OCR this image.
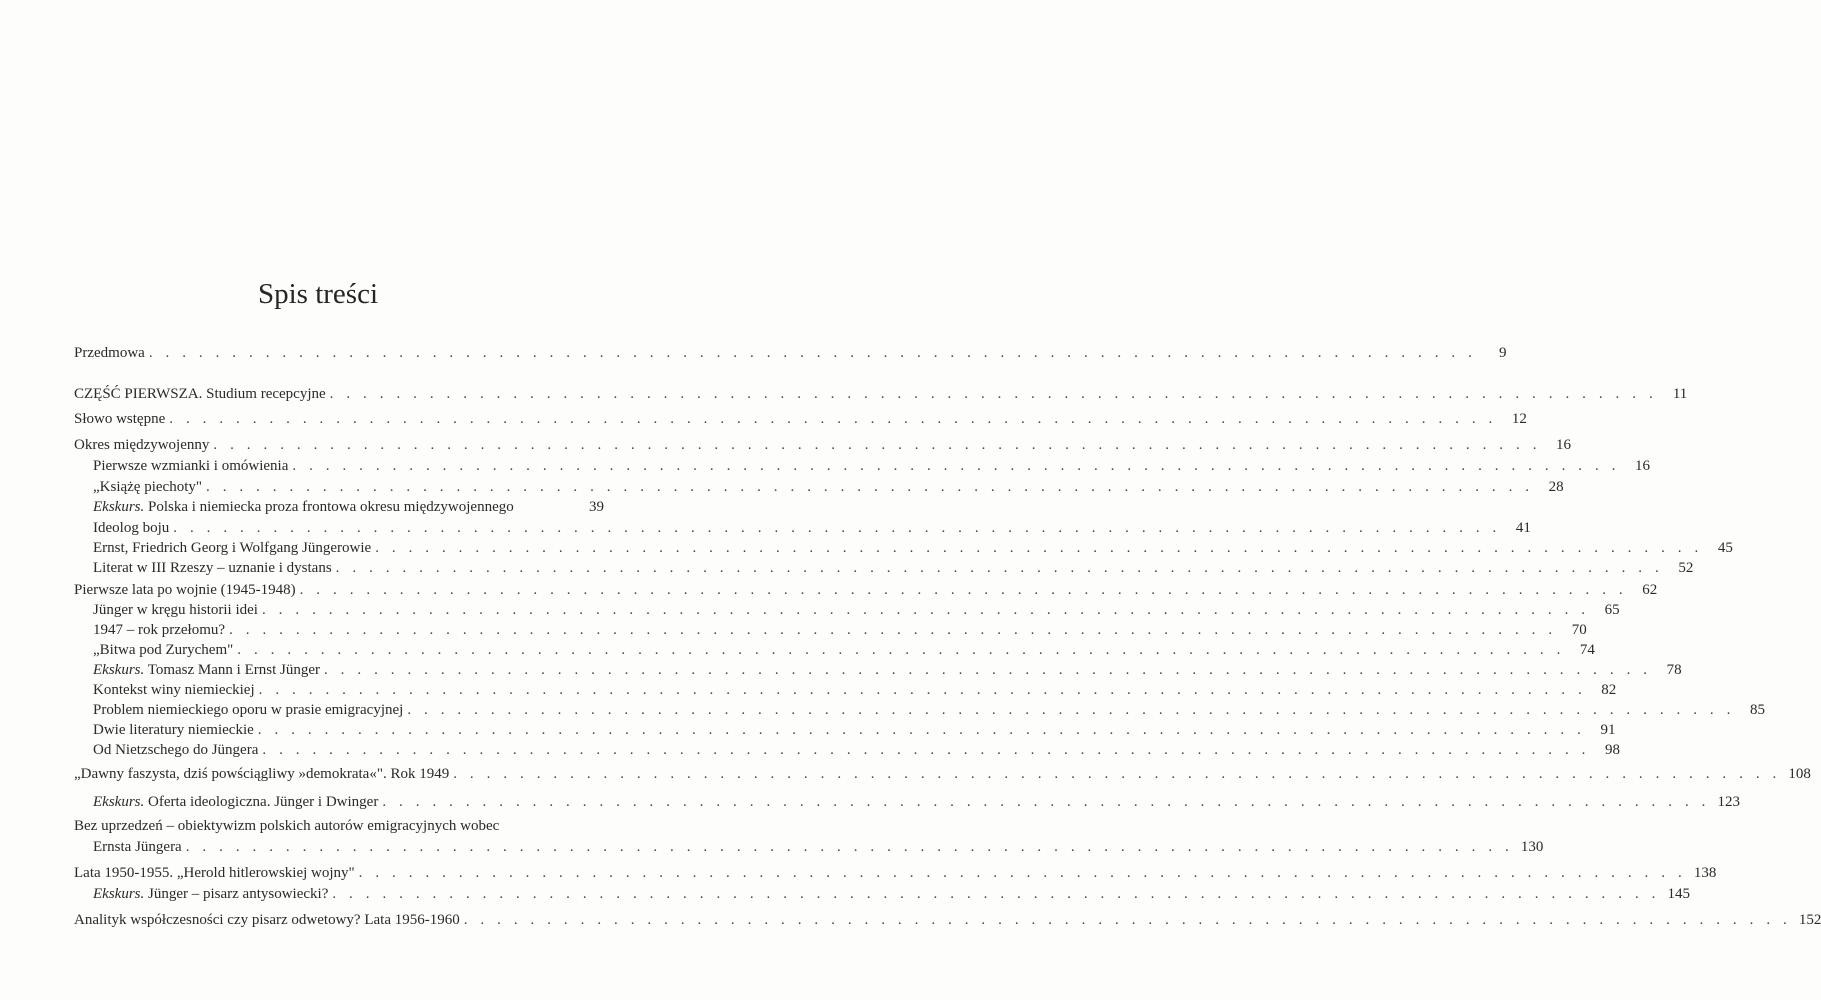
Spis treści
Przedmowa . . . . . . . . . . . . . . . . . . . . . . . . . . . . . . . . . . . . . . . . . . . . . . . . . . . . . . . . . . . . . . . . . . . . . . . . . . . . . . . .	9
CZĘŚĆ PIERWSZA. Studium recepcyjne . . . . . . . . . . . . . . . . . . . . . . . . . . . . . . . . . . . . . . . . . . . . . . . . . . . . . . . . . . . . . . . . . . . . . . . . . . . . . . . .	11
Słowo wstępne . . . . . . . . . . . . . . . . . . . . . . . . . . . . . . . . . . . . . . . . . . . . . . . . . . . . . . . . . . . . . . . . . . . . . . . . . . . . . . . .	12
Okres międzywojenny . . . . . . . . . . . . . . . . . . . . . . . . . . . . . . . . . . . . . . . . . . . . . . . . . . . . . . . . . . . . . . . . . . . . . . . . . . . . . . . .	16
Pierwsze wzmianki i omówienia . . . . . . . . . . . . . . . . . . . . . . . . . . . . . . . . . . . . . . . . . . . . . . . . . . . . . . . . . . . . . . . . . . . . . . . . . . . . . . . .	16
„Książę piechoty" . . . . . . . . . . . . . . . . . . . . . . . . . . . . . . . . . . . . . . . . . . . . . . . . . . . . . . . . . . . . . . . . . . . . . . . . . . . . . . . .	28
Ekskurs. Polska i niemiecka proza frontowa okresu międzywojennego	39
Ideolog boju . . . . . . . . . . . . . . . . . . . . . . . . . . . . . . . . . . . . . . . . . . . . . . . . . . . . . . . . . . . . . . . . . . . . . . . . . . . . . . . .	41
Ernst, Friedrich Georg i Wolfgang Jüngerowie . . . . . . . . . . . . . . . . . . . . . . . . . . . . . . . . . . . . . . . . . . . . . . . . . . . . . . . . . . . . . . . . . . . . . . . . . . . . . . . .	45
Literat w III Rzeszy – uznanie i dystans . . . . . . . . . . . . . . . . . . . . . . . . . . . . . . . . . . . . . . . . . . . . . . . . . . . . . . . . . . . . . . . . . . . . . . . . . . . . . . . .	52
Pierwsze lata po wojnie (1945-1948) . . . . . . . . . . . . . . . . . . . . . . . . . . . . . . . . . . . . . . . . . . . . . . . . . . . . . . . . . . . . . . . . . . . . . . . . . . . . . . . .	62
Jünger w kręgu historii idei . . . . . . . . . . . . . . . . . . . . . . . . . . . . . . . . . . . . . . . . . . . . . . . . . . . . . . . . . . . . . . . . . . . . . . . . . . . . . . . .	65
1947 – rok przełomu? . . . . . . . . . . . . . . . . . . . . . . . . . . . . . . . . . . . . . . . . . . . . . . . . . . . . . . . . . . . . . . . . . . . . . . . . . . . . . . . .	70
„Bitwa pod Zurychem" . . . . . . . . . . . . . . . . . . . . . . . . . . . . . . . . . . . . . . . . . . . . . . . . . . . . . . . . . . . . . . . . . . . . . . . . . . . . . . . .	74
Ekskurs. Tomasz Mann i Ernst Jünger . . . . . . . . . . . . . . . . . . . . . . . . . . . . . . . . . . . . . . . . . . . . . . . . . . . . . . . . . . . . . . . . . . . . . . . . . . . . . . . .	78
Kontekst winy niemieckiej . . . . . . . . . . . . . . . . . . . . . . . . . . . . . . . . . . . . . . . . . . . . . . . . . . . . . . . . . . . . . . . . . . . . . . . . . . . . . . . .	82
Problem niemieckiego oporu w prasie emigracyjnej . . . . . . . . . . . . . . . . . . . . . . . . . . . . . . . . . . . . . . . . . . . . . . . . . . . . . . . . . . . . . . . . . . . . . . . . . . . . . . . .	85
Dwie literatury niemieckie . . . . . . . . . . . . . . . . . . . . . . . . . . . . . . . . . . . . . . . . . . . . . . . . . . . . . . . . . . . . . . . . . . . . . . . . . . . . . . . .	91
Od Nietzschego do Jüngera . . . . . . . . . . . . . . . . . . . . . . . . . . . . . . . . . . . . . . . . . . . . . . . . . . . . . . . . . . . . . . . . . . . . . . . . . . . . . . . .	98
„Dawny faszysta, dziś powściągliwy »demokrata«". Rok 1949 . . . . . . . . . . . . . . . . . . . . . . . . . . . . . . . . . . . . . . . . . . . . . . . . . . . . . . . . . . . . . . . . . . . . . . . . . . . . . . . . 108
Ekskurs. Oferta ideologiczna. Jünger i Dwinger . . . . . . . . . . . . . . . . . . . . . . . . . . . . . . . . . . . . . . . . . . . . . . . . . . . . . . . . . . . . . . . . . . . . . . . . . . . . . . . . 123
Bez uprzedzeń – obiektywizm polskich autorów emigracyjnych wobec
Ernsta Jüngera . . . . . . . . . . . . . . . . . . . . . . . . . . . . . . . . . . . . . . . . . . . . . . . . . . . . . . . . . . . . . . . . . . . . . . . . . . . . . . . . 130
Lata 1950-1955. „Herold hitlerowskiej wojny" . . . . . . . . . . . . . . . . . . . . . . . . . . . . . . . . . . . . . . . . . . . . . . . . . . . . . . . . . . . . . . . . . . . . . . . . . . . . . . . . 138
Ekskurs. Jünger – pisarz antysowiecki? . . . . . . . . . . . . . . . . . . . . . . . . . . . . . . . . . . . . . . . . . . . . . . . . . . . . . . . . . . . . . . . . . . . . . . . . . . . . . . . . 145
Analityk współczesności czy pisarz odwetowy? Lata 1956-1960 . . . . . . . . . . . . . . . . . . . . . . . . . . . . . . . . . . . . . . . . . . . . . . . . . . . . . . . . . . . . . . . . . . . . . . . . . . . . . . . . 152
